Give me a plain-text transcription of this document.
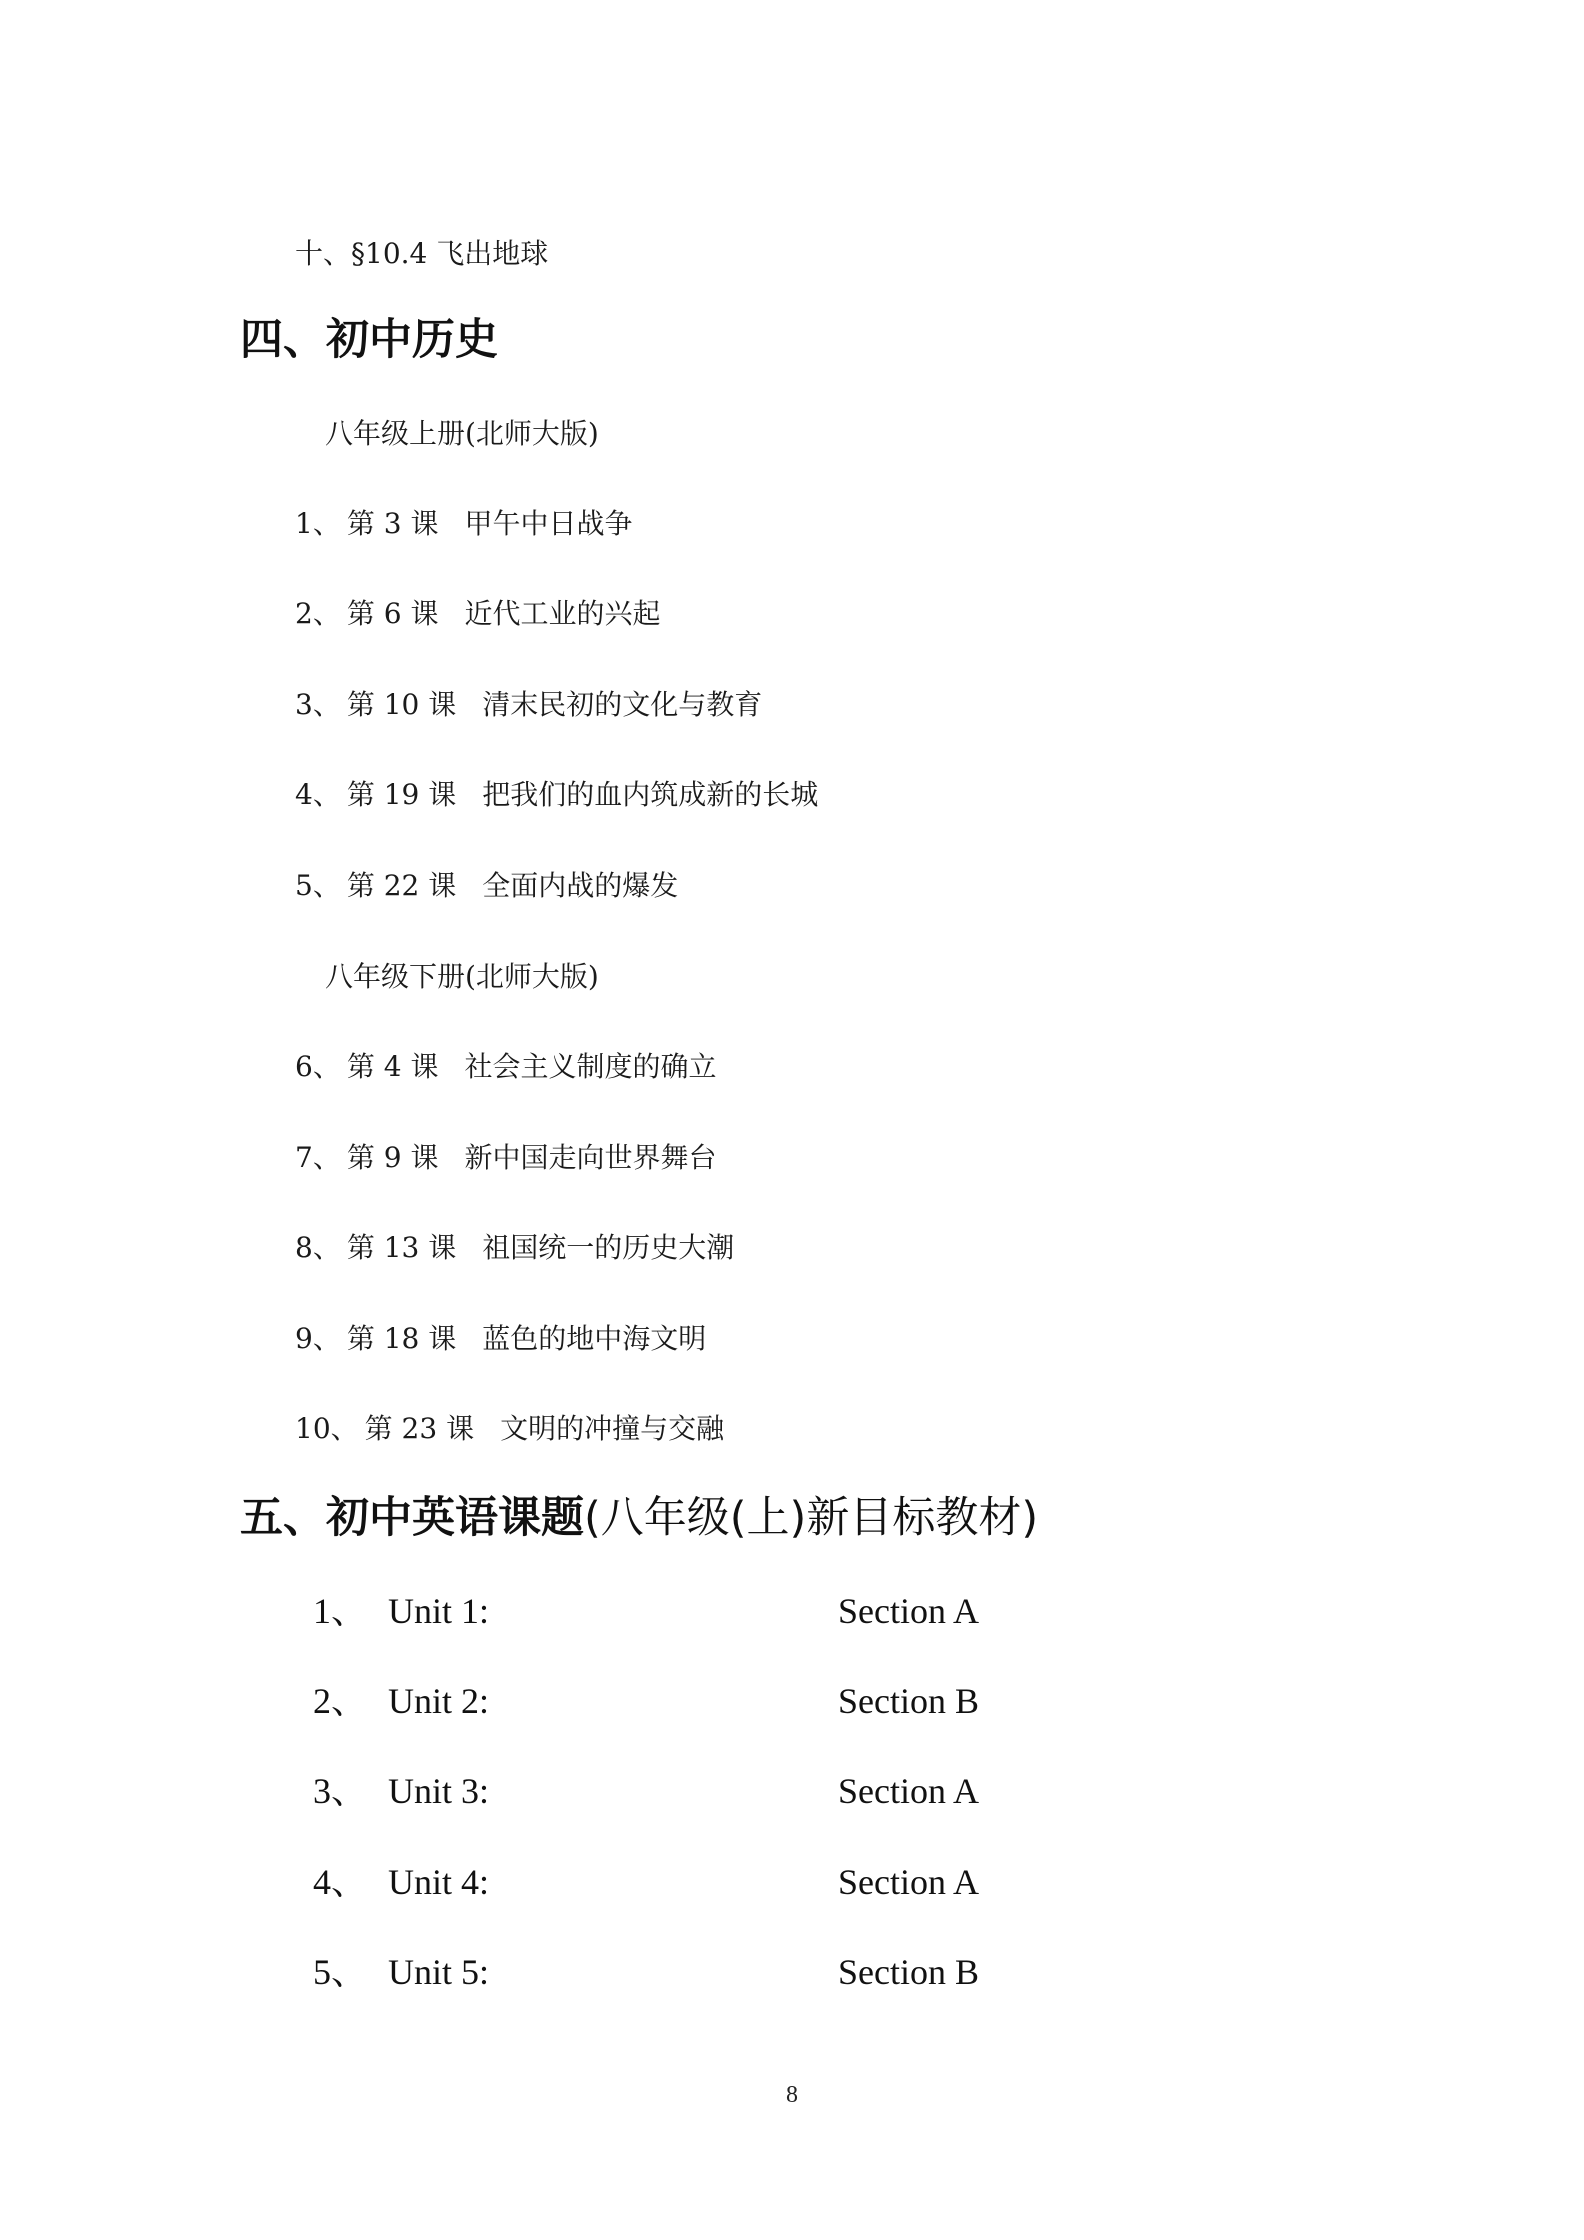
十、§10.4 飞出地球
四、初中历史
八年级上册(北师大版)
1、 第 3 课 甲午中日战争
2、 第 6 课 近代工业的兴起
3、 第 10 课 清末民初的文化与教育
4、 第 19 课 把我们的血内筑成新的长城
5、 第 22 课 全面内战的爆发
八年级下册(北师大版)
6、 第 4 课 社会主义制度的确立
7、 第 9 课 新中国走向世界舞台
8、 第 13 课 祖国统一的历史大潮
9、 第 18 课 蓝色的地中海文明
10、 第 23 课 文明的冲撞与交融
五、初中英语课题(八年级(上)新目标教材)
1、 Unit 1:	Section A
2、 Unit 2:	Section B
3、 Unit 3:	Section A
4、 Unit 4:	Section A
5、 Unit 5:	Section B
8
